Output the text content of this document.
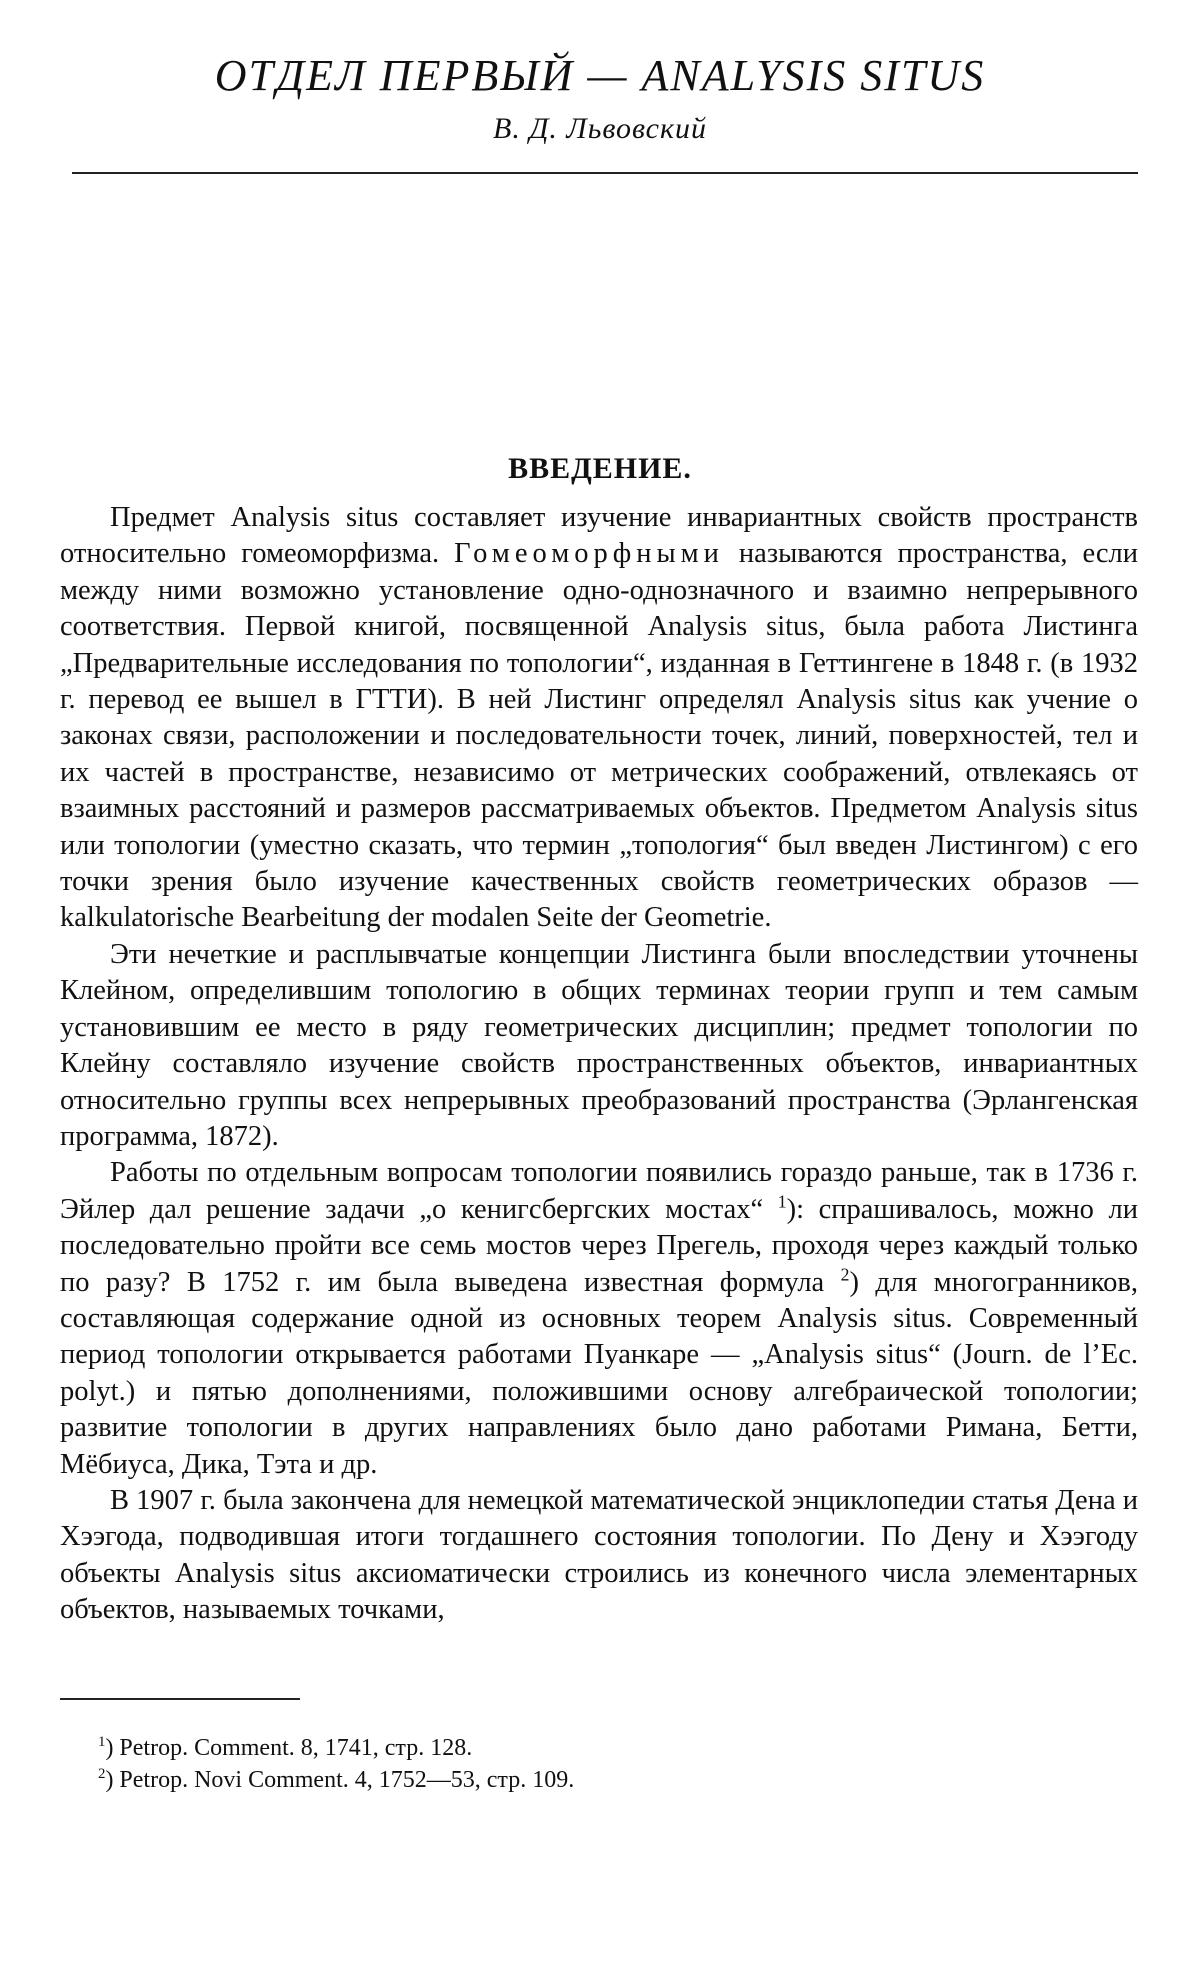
ОТДЕЛ ПЕРВЫЙ — ANALYSIS SITUS
В. Д. Львовский
ВВЕДЕНИЕ.

Предмет Analysis situs составляет изучение инвариантных свойств пространств относительно гомеоморфизма. Гомеоморфными назы­ваются пространства, если между ними возможно установление одно-одно­значного и взаимно непрерывного соответствия. Первой книгой, посвя­щенной Analysis situs, была работа Листинга „Предварительные исследо­вания по топологии“, изданная в Геттингене в 1848 г. (в 1932 г. перевод ее вышел в ГТТИ). В ней Листинг определял Analysis situs как уче­ние о законах связи, расположении и последовательности точек, линий, поверхностей, тел и их частей в пространстве, независимо от метриче­ских соображений, отвлекаясь от взаимных расстояний и размеров рас­сматриваемых объектов. Предметом Analysis situs или топологии (уместно сказать, что термин „топология“ был введен Листингом) с его точки зрения было изучение качественных свойств геометрических образов — kalkulatorische Bearbeitung der modalen Seite der Geometrie.

Эти нечеткие и расплывчатые концепции Листинга были впоследствии уточнены Клейном, определившим топологию в общих терминах теории групп и тем самым установившим ее место в ряду геометрических дис­циплин; предмет топологии по Клейну составляло изучение свойств про­странственных объектов, инвариантных относительно группы всех непре­рывных преобразований пространства (Эрлангенская программа, 1872).

Работы по отдельным вопросам топологии появились гораздо раньше, так в 1736 г. Эйлер дал решение задачи „о кенигсбергских мостах“ 1): спрашивалось, можно ли последовательно пройти все семь мостов через Прегель, проходя через каждый только по разу? В 1752 г. им была вы­ведена известная формула 2) для многогранников, составляющая содер­жание одной из основных теорем Analysis situs. Современный период топологии открывается работами Пуанкаре — „Analysis situs“ (Journ. de l’Ec. polyt.) и пятью дополнениями, положившими основу алгебраической топологии; развитие топологии в других направлениях было дано рабо­тами Римана, Бетти, Мёбиуса, Дика, Тэта и др.

В 1907 г. была закончена для немецкой математической энциклопе­дии статья Дена и Хээгода, подводившая итоги тогдашнего состояния топологии. По Дену и Хээгоду объекты Analysis situs аксиоматически строились из конечного числа элементарных объектов, называемых точками,

1) Petrop. Comment. 8, 1741, стр. 128.
2) Petrop. Novi Comment. 4, 1752—53, стр. 109.
